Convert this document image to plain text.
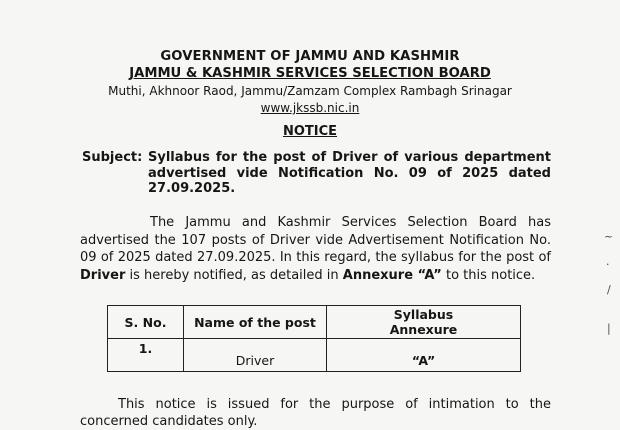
GOVERNMENT OF JAMMU AND KASHMIR
JAMMU & KASHMIR SERVICES SELECTION BOARD
Muthi, Akhnoor Raod, Jammu/Zamzam Complex Rambagh Srinagar
www.jkssb.nic.in
NOTICE
Subject: Syllabus for the post of Driver of various department advertised vide Notification No. 09 of 2025 dated 27.09.2025.
The Jammu and Kashmir Services Selection Board has advertised the 107 posts of Driver vide Advertisement Notification No. 09 of 2025 dated 27.09.2025. In this regard, the syllabus for the post of Driver is hereby notified, as detailed in Annexure “A” to this notice.
S. No.	Name of the post	Syllabus Annexure
1.	Driver	“A”
This notice is issued for the purpose of intimation to the concerned candidates only.
~
·
/
|
